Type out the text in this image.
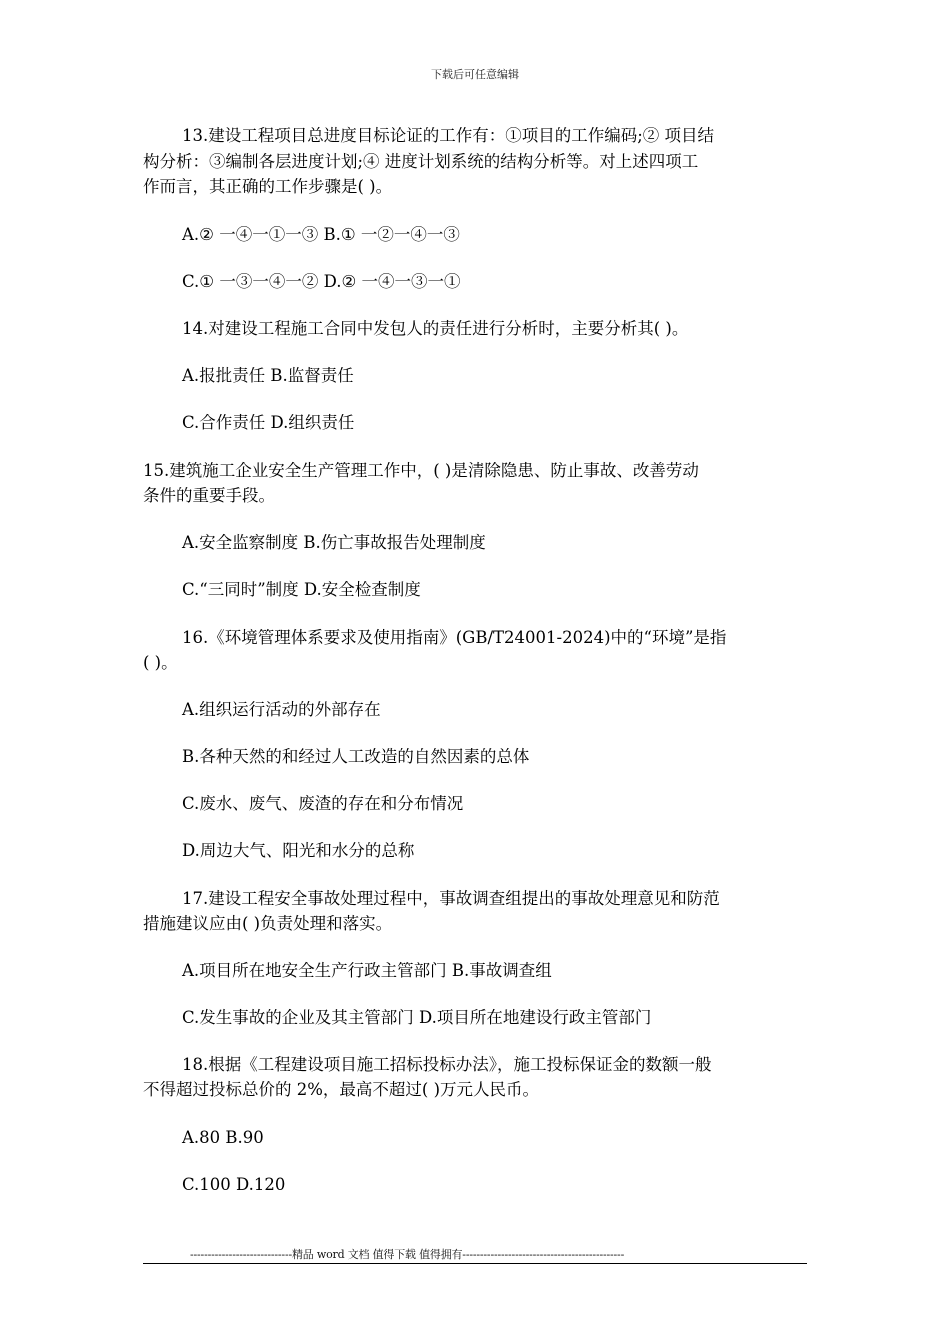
下载后可任意编辑
13.建设工程项目总进度目标论证的工作有：①项目的工作编码;② 项目结
构分析：③编制各层进度计划;④ 进度计划系统的结构分析等。对上述四项工
作而言，其正确的工作步骤是( )。
A.② 一④一①一③ B.① 一②一④一③
C.① 一③一④一② D.② 一④一③一①
14.对建设工程施工合同中发包人的责任进行分析时，主要分析其( )。
A.报批责任 B.监督责任
C.合作责任 D.组织责任
15.建筑施工企业安全生产管理工作中，( )是清除隐患、防止事故、改善劳动
条件的重要手段。
A.安全监察制度 B.伤亡事故报告处理制度
C.“三同时”制度 D.安全检查制度
16.《环境管理体系要求及使用指南》(GB/T24001-2024)中的“环境”是指
( )。
A.组织运行活动的外部存在
B.各种天然的和经过人工改造的自然因素的总体
C.废水、废气、废渣的存在和分布情况
D.周边大气、阳光和水分的总称
17.建设工程安全事故处理过程中，事故调查组提出的事故处理意见和防范
措施建议应由( )负责处理和落实。
A.项目所在地安全生产行政主管部门 B.事故调查组
C.发生事故的企业及其主管部门 D.项目所在地建设行政主管部门
18.根据《工程建设项目施工招标投标办法》，施工投标保证金的数额一般
不得超过投标总价的 2%，最高不超过( )万元人民币。
A.80 B.90
C.100 D.120
-----------------------------精品 word 文档 值得下载 值得拥有----------------------------------------------
